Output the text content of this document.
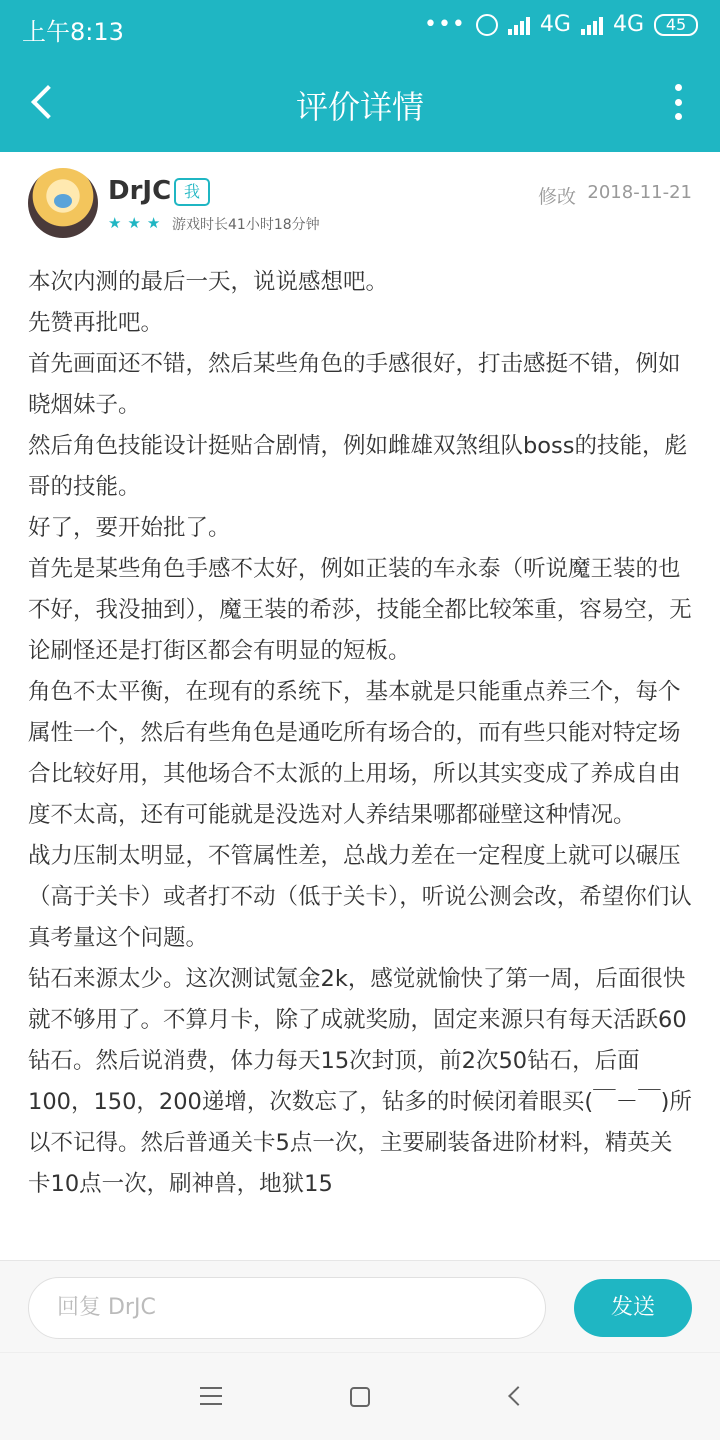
上午8:13	•••	4G 4G	45
评价详情
DrJC 我
★ ★ ★ 游戏时长41小时18分钟
修改 2018-11-21

本次内测的最后一天，说说感想吧。

先赞再批吧。

首先画面还不错，然后某些角色的手感很好，打击感挺不错，例如晓烟妹子。

然后角色技能设计挺贴合剧情，例如雌雄双煞组队boss的技能，彪哥的技能。

好了，要开始批了。

首先是某些角色手感不太好，例如正装的车永泰（听说魔王装的也不好，我没抽到），魔王装的希莎，技能全都比较笨重，容易空，无论刷怪还是打街区都会有明显的短板。

角色不太平衡，在现有的系统下，基本就是只能重点养三个，每个属性一个，然后有些角色是通吃所有场合的，而有些只能对特定场合比较好用，其他场合不太派的上用场，所以其实变成了养成自由度不太高，还有可能就是没选对人养结果哪都碰壁这种情况。

战力压制太明显，不管属性差，总战力差在一定程度上就可以碾压（高于关卡）或者打不动（低于关卡），听说公测会改，希望你们认真考量这个问题。

钻石来源太少。这次测试氪金2k，感觉就愉快了第一周，后面很快就不够用了。不算月卡，除了成就奖励，固定来源只有每天活跃60钻石。然后说消费，体力每天15次封顶，前2次50钻石，后面100，150，200递增，次数忘了，钻多的时候闭着眼买(￣－￣)所以不记得。然后普通关卡5点一次，主要刷装备进阶材料，精英关卡10点一次，刷神兽，地狱15

回复 DrJC	发送
